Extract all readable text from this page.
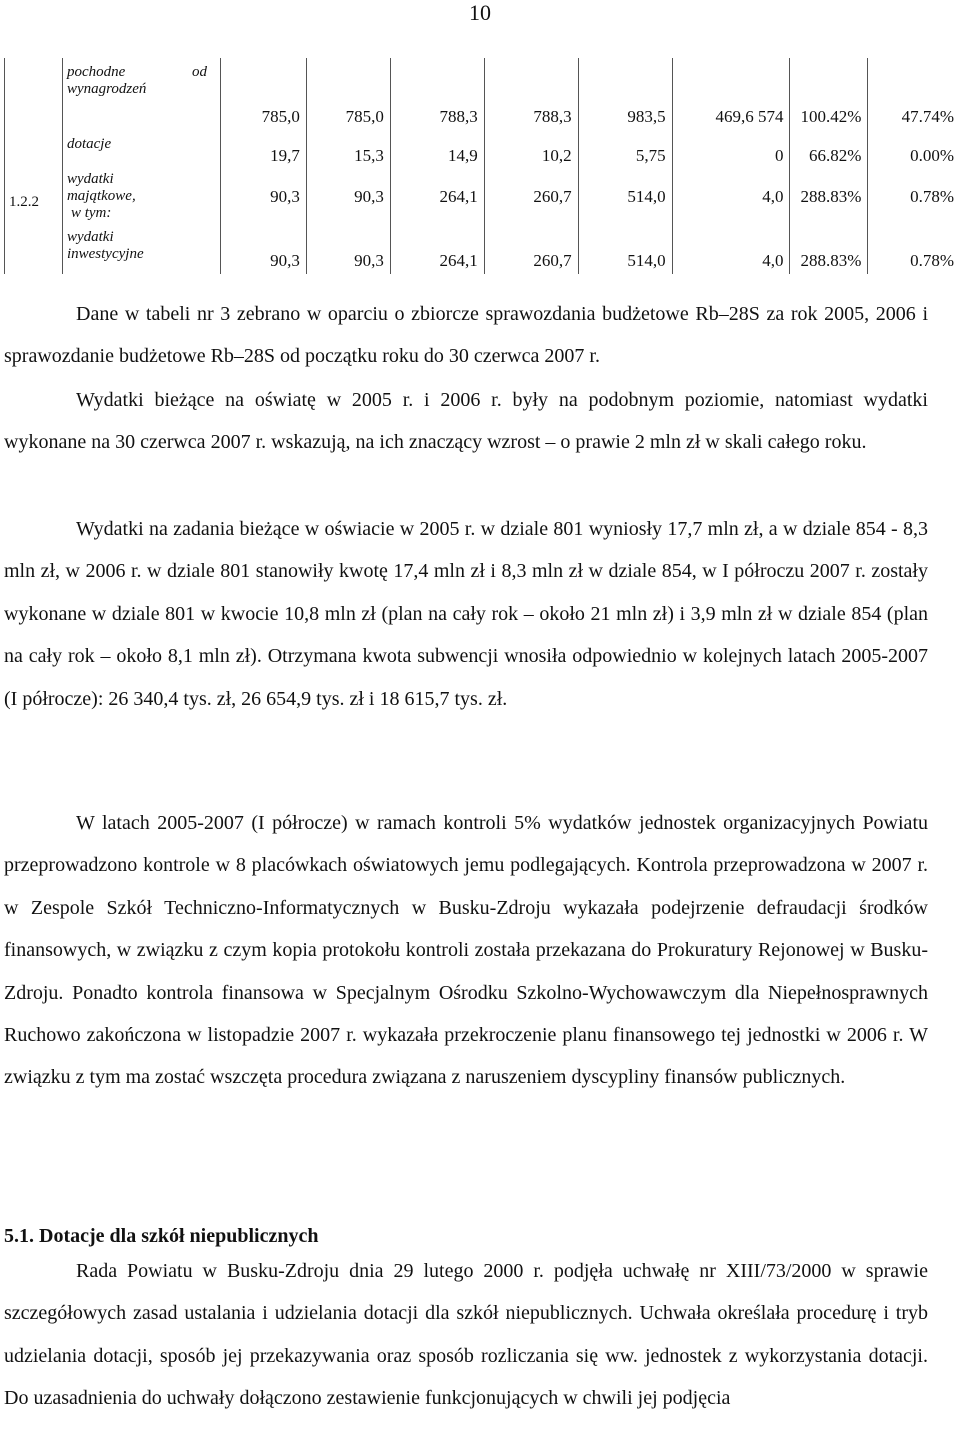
10

	pochodne od
wynagrodzeń	785,0	785,0	788,3	788,3	983,5	469,6 574	100.42%	47.74%
1.2.2	dotacje	19,7	15,3	14,9	10,2	5,75	0	66.82%	0.00%

	wydatki
majątkowe,
w tym:	90,3	90,3	264,1	260,7	514,0	4,0	288.83%	0.78%

	wydatki
inwestycyjne	90,3	90,3	264,1	260,7	514,0	4,0	288.83%	0.78%

Dane w tabeli nr 3 zebrano w oparciu o zbiorcze sprawozdania budżetowe Rb–28S za rok 2005, 2006 i sprawozdanie budżetowe Rb–28S od początku roku do 30 czerwca 2007 r.

Wydatki bieżące na oświatę w 2005 r. i 2006 r. były na podobnym poziomie, natomiast wydatki wykonane na 30 czerwca 2007 r. wskazują, na ich znaczący wzrost – o prawie 2 mln zł w skali całego roku.

Wydatki na zadania bieżące w oświacie w 2005 r. w dziale 801 wyniosły 17,7 mln zł, a w dziale 854 - 8,3 mln zł, w 2006 r. w dziale 801 stanowiły kwotę 17,4 mln zł i 8,3 mln zł w dziale 854, w I półroczu 2007 r. zostały wykonane w dziale 801 w kwocie 10,8 mln zł (plan na cały rok – około 21 mln zł) i 3,9 mln zł w dziale 854 (plan na cały rok – około 8,1 mln zł). Otrzymana kwota subwencji wnosiła odpowiednio w kolejnych latach 2005-2007 (I półrocze): 26 340,4 tys. zł, 26 654,9 tys. zł i 18 615,7 tys. zł.

W latach 2005-2007 (I półrocze) w ramach kontroli 5% wydatków jednostek organizacyjnych Powiatu przeprowadzono kontrole w 8 placówkach oświatowych jemu podlegających. Kontrola przeprowadzona w 2007 r. w Zespole Szkół Techniczno-Informatycznych w Busku-Zdroju wykazała podejrzenie defraudacji środków finansowych, w związku z czym kopia protokołu kontroli została przekazana do Prokuratury Rejonowej w Busku-Zdroju. Ponadto kontrola finansowa w Specjalnym Ośrodku Szkolno-Wychowawczym dla Niepełnosprawnych Ruchowo zakończona w listopadzie 2007 r. wykazała przekroczenie planu finansowego tej jednostki w 2006 r. W związku z tym ma zostać wszczęta procedura związana z naruszeniem dyscypliny finansów publicznych.

5.1. Dotacje dla szkół niepublicznych

Rada Powiatu w Busku-Zdroju dnia 29 lutego 2000 r. podjęła uchwałę nr XIII/73/2000 w sprawie szczegółowych zasad ustalania i udzielania dotacji dla szkół niepublicznych. Uchwała określała procedurę i tryb udzielania dotacji, sposób jej przekazywania oraz sposób rozliczania się ww. jednostek z wykorzystania dotacji. Do uzasadnienia do uchwały dołączono zestawienie funkcjonujących w chwili jej podjęcia
